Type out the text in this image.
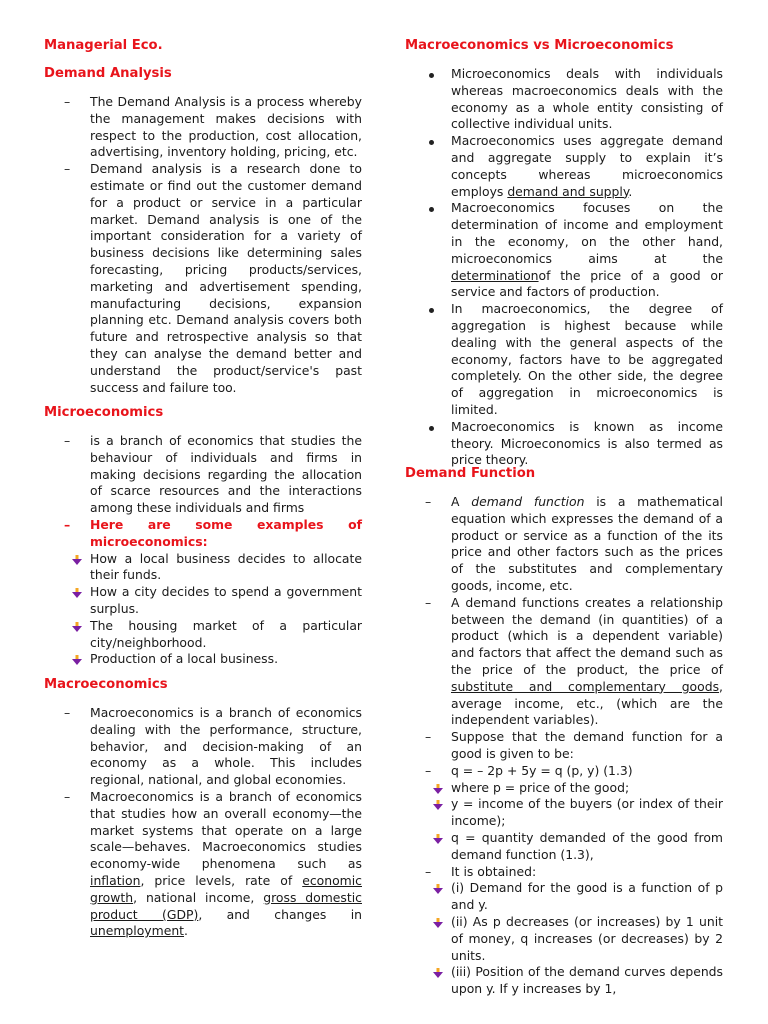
Managerial Eco.
Demand Analysis
– The Demand Analysis is a process whereby the management makes decisions with respect to the production, cost allocation, advertising, inventory holding, pricing, etc.
– Demand analysis is a research done to estimate or find out the customer demand for a product or service in a particular market. Demand analysis is one of the important consideration for a variety of business decisions like determining sales forecasting, pricing products/services, marketing and advertisement spending, manufacturing decisions, expansion planning etc. Demand analysis covers both future and retrospective analysis so that they can analyse the demand better and understand the product/service's past success and failure too.
Microeconomics
– is a branch of economics that studies the behaviour of individuals and firms in making decisions regarding the allocation of scarce resources and the interactions among these individuals and firms
– Here are some examples of microeconomics:
How a local business decides to allocate their funds.
How a city decides to spend a government surplus.
The housing market of a particular city/neighborhood.
Production of a local business.
Macroeconomics
– Macroeconomics is a branch of economics dealing with the performance, structure, behavior, and decision-making of an economy as a whole. This includes regional, national, and global economies.
– Macroeconomics is a branch of economics that studies how an overall economy—the market systems that operate on a large scale—behaves. Macroeconomics studies economy-wide phenomena such as inflation, price levels, rate of economic growth, national income, gross domestic product (GDP), and changes in unemployment.
Macroeconomics vs Microeconomics
Microeconomics deals with individuals whereas macroeconomics deals with the economy as a whole entity consisting of collective individual units.
Macroeconomics uses aggregate demand and aggregate supply to explain it’s concepts whereas microeconomics employs demand and supply.
Macroeconomics focuses on the determination of income and employment in the economy, on the other hand, microeconomics aims at the determinationof the price of a good or service and factors of production.
In macroeconomics, the degree of aggregation is highest because while dealing with the general aspects of the economy, factors have to be aggregated completely. On the other side, the degree of aggregation in microeconomics is limited.
Macroeconomics is known as income theory. Microeconomics is also termed as price theory.
Demand Function
– A demand function is a mathematical equation which expresses the demand of a product or service as a function of the its price and other factors such as the prices of the substitutes and complementary goods, income, etc.
– A demand functions creates a relationship between the demand (in quantities) of a product (which is a dependent variable) and factors that affect the demand such as the price of the product, the price of substitute and complementary goods, average income, etc., (which are the independent variables).
– Suppose that the demand function for a good is given to be:
– q = – 2p + 5y = q (p, y) (1.3)
where p = price of the good;
y = income of the buyers (or index of their income);
q = quantity demanded of the good from demand function (1.3),
– It is obtained:
(i) Demand for the good is a function of p and y.
(ii) As p decreases (or increases) by 1 unit of money, q increases (or decreases) by 2 units.
(iii) Position of the demand curves depends upon y. If y increases by 1,
